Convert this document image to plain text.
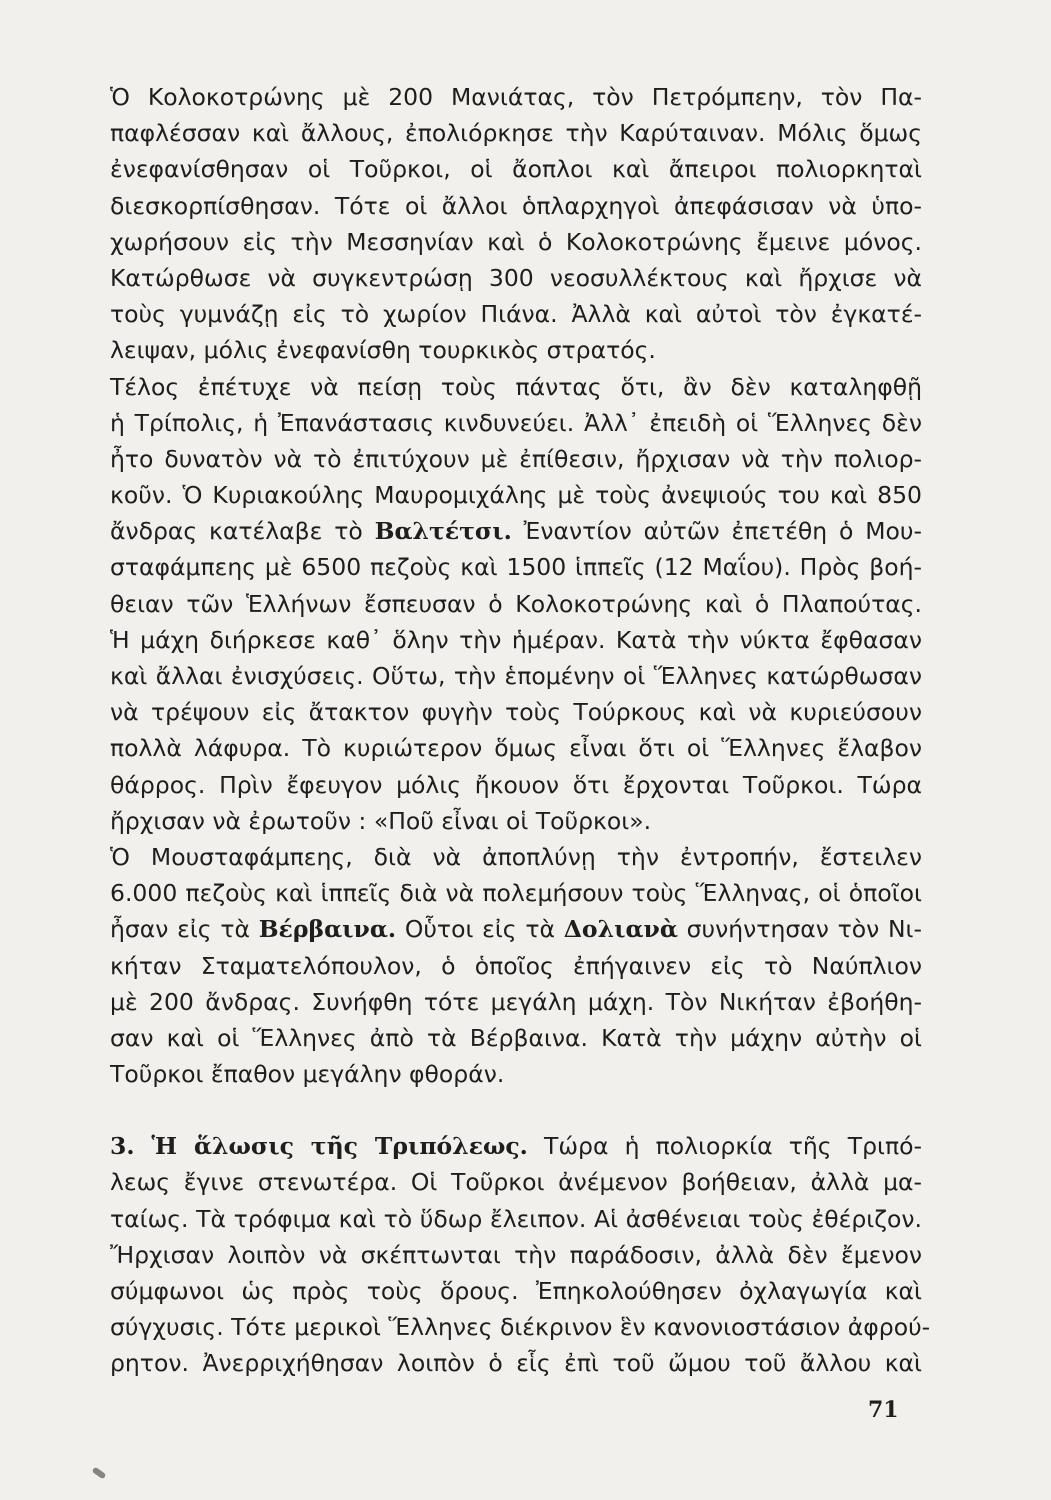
Ὁ Κολοκοτρώνης μὲ 200 Μανιάτας, τὸν Πετρόμπεην, τὸν Πα-
παφλέσσαν καὶ ἄλλους, ἐπολιόρκησε τὴν Καρύταιναν. Μόλις ὅμως
ἐνεφανίσθησαν οἱ Τοῦρκοι, οἱ ἄοπλοι καὶ ἄπειροι πολιορκηταὶ
διεσκορπίσθησαν. Τότε οἱ ἄλλοι ὁπλαρχηγοὶ ἀπεφάσισαν νὰ ὑπο-
χωρήσουν εἰς τὴν Μεσσηνίαν καὶ ὁ Κολοκοτρώνης ἔμεινε μόνος.
Κατώρθωσε νὰ συγκεντρώσῃ 300 νεοσυλλέκτους καὶ ἤρχισε νὰ
τοὺς γυμνάζῃ εἰς τὸ χωρίον Πιάνα. Ἀλλὰ καὶ αὐτοὶ τὸν ἐγκατέ-
λειψαν, μόλις ἐνεφανίσθη τουρκικὸς στρατός.
Τέλος ἐπέτυχε νὰ πείσῃ τοὺς πάντας ὅτι, ἂν δὲν καταληφθῇ
ἡ Τρίπολις, ἡ Ἐπανάστασις κινδυνεύει. Ἀλλ᾽ ἐπειδὴ οἱ Ἕλληνες δὲν
ἦτο δυνατὸν νὰ τὸ ἐπιτύχουν μὲ ἐπίθεσιν, ἤρχισαν νὰ τὴν πολιορ-
κοῦν. Ὁ Κυριακούλης Μαυρομιχάλης μὲ τοὺς ἀνεψιούς του καὶ 850
ἄνδρας κατέλαβε τὸ Βαλτέτσι. Ἐναντίον αὐτῶν ἐπετέθη ὁ Μου-
σταφάμπεης μὲ 6500 πεζοὺς καὶ 1500 ἱππεῖς (12 Μαΐου). Πρὸς βοή-
θειαν τῶν Ἑλλήνων ἔσπευσαν ὁ Κολοκοτρώνης καὶ ὁ Πλαπούτας.
Ἡ μάχη διήρκεσε καθ᾽ ὅλην τὴν ἡμέραν. Κατὰ τὴν νύκτα ἔφθασαν
καὶ ἄλλαι ἐνισχύσεις. Οὕτω, τὴν ἑπομένην οἱ Ἕλληνες κατώρθωσαν
νὰ τρέψουν εἰς ἄτακτον φυγὴν τοὺς Τούρκους καὶ νὰ κυριεύσουν
πολλὰ λάφυρα. Τὸ κυριώτερον ὅμως εἶναι ὅτι οἱ Ἕλληνες ἔλαβον
θάρρος. Πρὶν ἔφευγον μόλις ἤκουον ὅτι ἔρχονται Τοῦρκοι. Τώρα
ἤρχισαν νὰ ἐρωτοῦν : «Ποῦ εἶναι οἱ Τοῦρκοι».
Ὁ Μουσταφάμπεης, διὰ νὰ ἀποπλύνῃ τὴν ἐντροπήν, ἔστειλεν
6.000 πεζοὺς καὶ ἱππεῖς διὰ νὰ πολεμήσουν τοὺς Ἕλληνας, οἱ ὁποῖοι
ἦσαν εἰς τὰ Βέρβαινα. Οὗτοι εἰς τὰ Δολιανὰ συνήντησαν τὸν Νι-
κήταν Σταματελόπουλον, ὁ ὁποῖος ἐπήγαινεν εἰς τὸ Ναύπλιον
μὲ 200 ἄνδρας. Συνήφθη τότε μεγάλη μάχη. Τὸν Νικήταν ἐβοήθη-
σαν καὶ οἱ Ἕλληνες ἀπὸ τὰ Βέρβαινα. Κατὰ τὴν μάχην αὐτὴν οἱ
Τοῦρκοι ἔπαθον μεγάλην φθοράν.
3. Ἡ ἅλωσις τῆς Τριπόλεως. Τώρα ἡ πολιορκία τῆς Τριπό-
λεως ἔγινε στενωτέρα. Οἱ Τοῦρκοι ἀνέμενον βοήθειαν, ἀλλὰ μα-
ταίως. Τὰ τρόφιμα καὶ τὸ ὕδωρ ἔλειπον. Αἱ ἀσθένειαι τοὺς ἐθέριζον.
Ἤρχισαν λοιπὸν νὰ σκέπτωνται τὴν παράδοσιν, ἀλλὰ δὲν ἔμενον
σύμφωνοι ὡς πρὸς τοὺς ὅρους. Ἐπηκολούθησεν ὀχλαγωγία καὶ
σύγχυσις. Τότε μερικοὶ Ἕλληνες διέκρινον ἓν κανονιοστάσιον ἀφρού-
ρητον. Ἀνερριχήθησαν λοιπὸν ὁ εἷς ἐπὶ τοῦ ὤμου τοῦ ἄλλου καὶ
71
